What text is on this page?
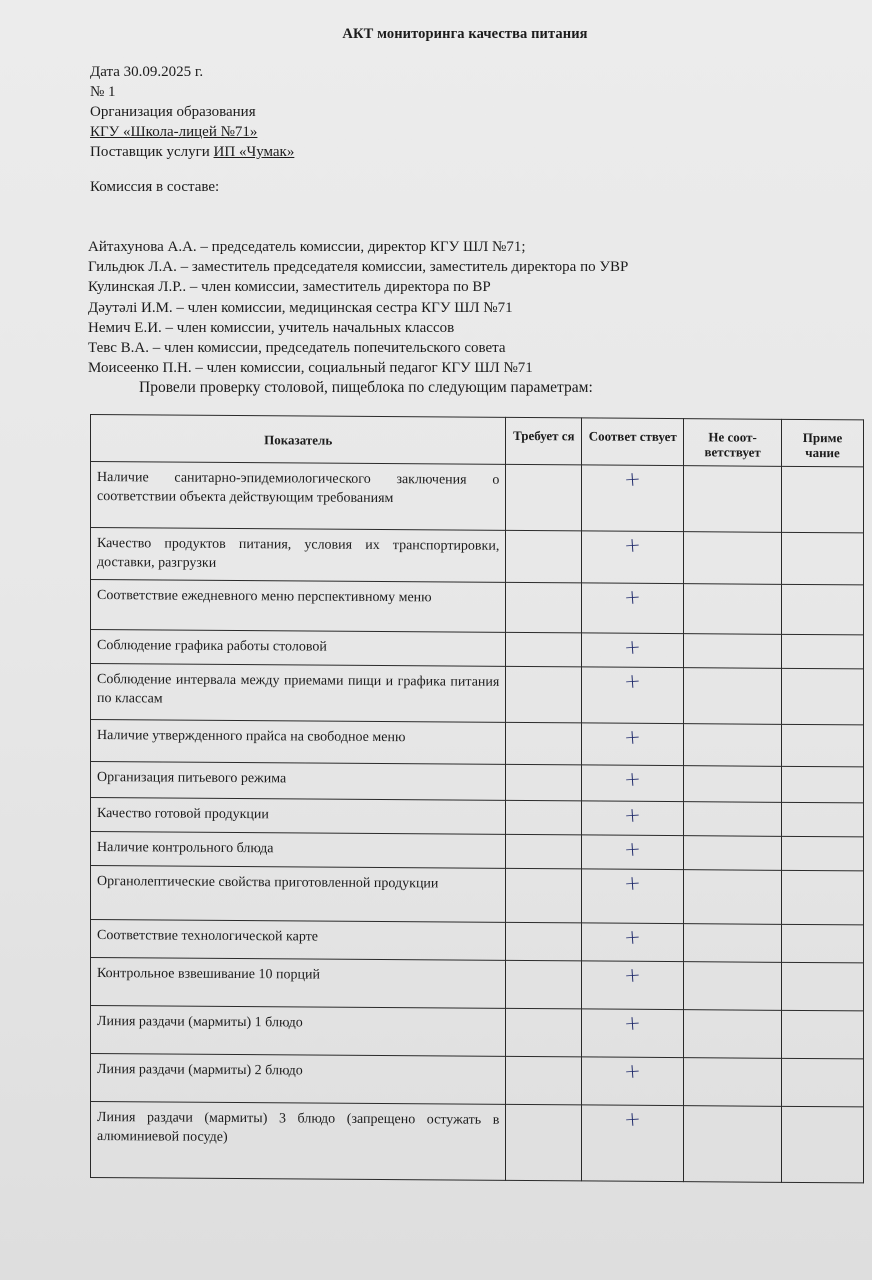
АКТ мониторинга качества питания
Дата 30.09.2025 г.
№ 1
Организация образования
КГУ «Школа-лицей №71»
Поставщик услуги ИП «Чумак»
Комиссия в составе:
Айтахунова А.А. – председатель комиссии, директор КГУ ШЛ №71;
Гильдюк Л.А. – заместитель председателя комиссии, заместитель директора по УВР
Кулинская Л.Р.. – член комиссии, заместитель директора по ВР
Дәутәлі И.М. – член комиссии, медицинская сестра КГУ ШЛ №71
Немич Е.И. – член комиссии, учитель начальных классов
Тевс В.А. – член комиссии, председатель попечительского совета
Моисеенко П.Н. – член комиссии, социальный педагог КГУ ШЛ №71
Провели проверку столовой, пищеблока по следующим параметрам:
Показатель	Требует ся	Соответ ствует	Не соот- ветствует	Приме чание
Наличие санитарно-эпидемиологического заключения о соответствии объекта действующим требованиям		+		
Качество продуктов питания, условия их транспортировки, доставки, разгрузки		+		
Соответствие ежедневного меню перспективному меню		+		
Соблюдение графика работы столовой		+		
Соблюдение интервала между приемами пищи и графика питания по классам		+		
Наличие утвержденного прайса на свободное меню		+		
Организация питьевого режима		+		
Качество готовой продукции		+		
Наличие контрольного блюда		+		
Органолептические свойства приготовленной продукции		+		
Соответствие технологической карте		+		
Контрольное взвешивание 10 порций		+		
Линия раздачи (мармиты) 1 блюдо		+		
Линия раздачи (мармиты) 2 блюдо		+		
Линия раздачи (мармиты) 3 блюдо (запрещено остужать в алюминиевой посуде)		+		
